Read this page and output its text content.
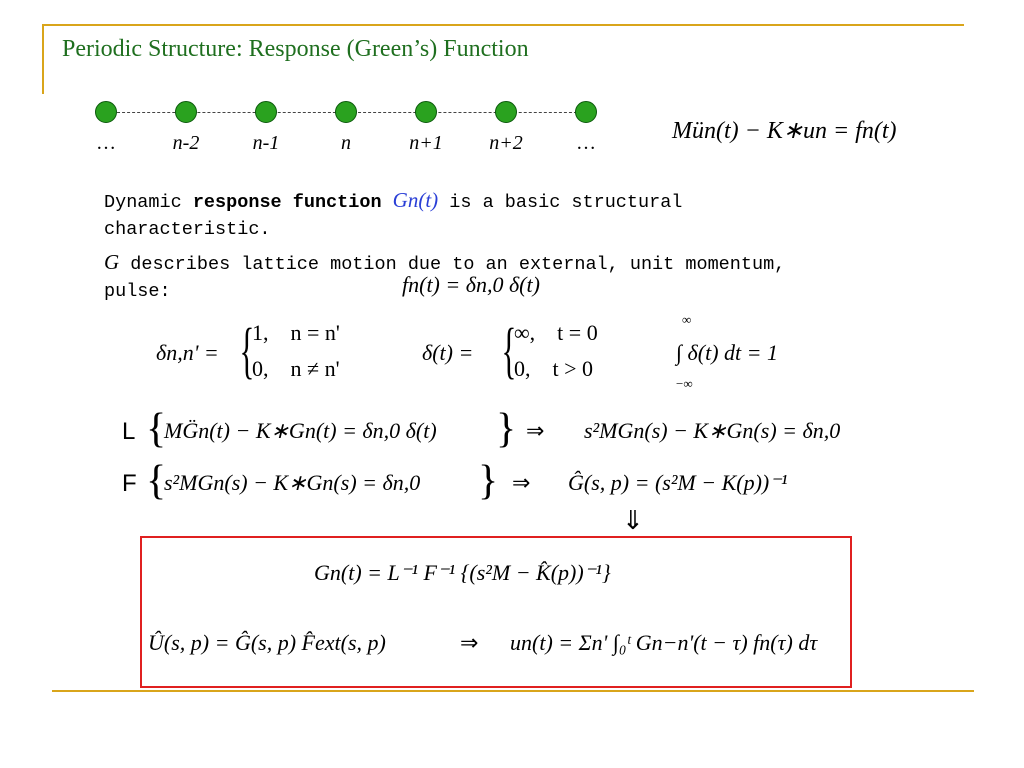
Periodic Structure: Response (Green’s) Function
…	n-2	n-1	n	n+1	n+2	…	Mün(t) − K∗un = fn(t)
Dynamic response function Gn(t) is a basic structural
characteristic.
G describes lattice motion due to an external, unit momentum,
pulse:	fn(t) = δn,0 δ(t)
δn,n' = {
1,    n = n'
0,    n ≠ n'
δ(t) = {
∞,    t = 0
0,    t > 0
∞
∫ δ(t) dt = 1
−∞
L {
MG̈n(t) − K∗Gn(t) = δn,0 δ(t) } ⇒ s²MGn(s) − K∗Gn(s) = δn,0
F {
s²MGn(s) − K∗Gn(s) = δn,0 } ⇒ Ĝ(s, p) = (s²M − K(p))⁻¹
⇓
Gn(t) = L⁻¹ F⁻¹ {(s²M − K̂(p))⁻¹}
Û(s, p) = Ĝ(s, p) F̂ext(s, p)	⇒ un(t) = Σn' ∫₀ᵗ Gn−n'(t − τ) fn(τ) dτ
